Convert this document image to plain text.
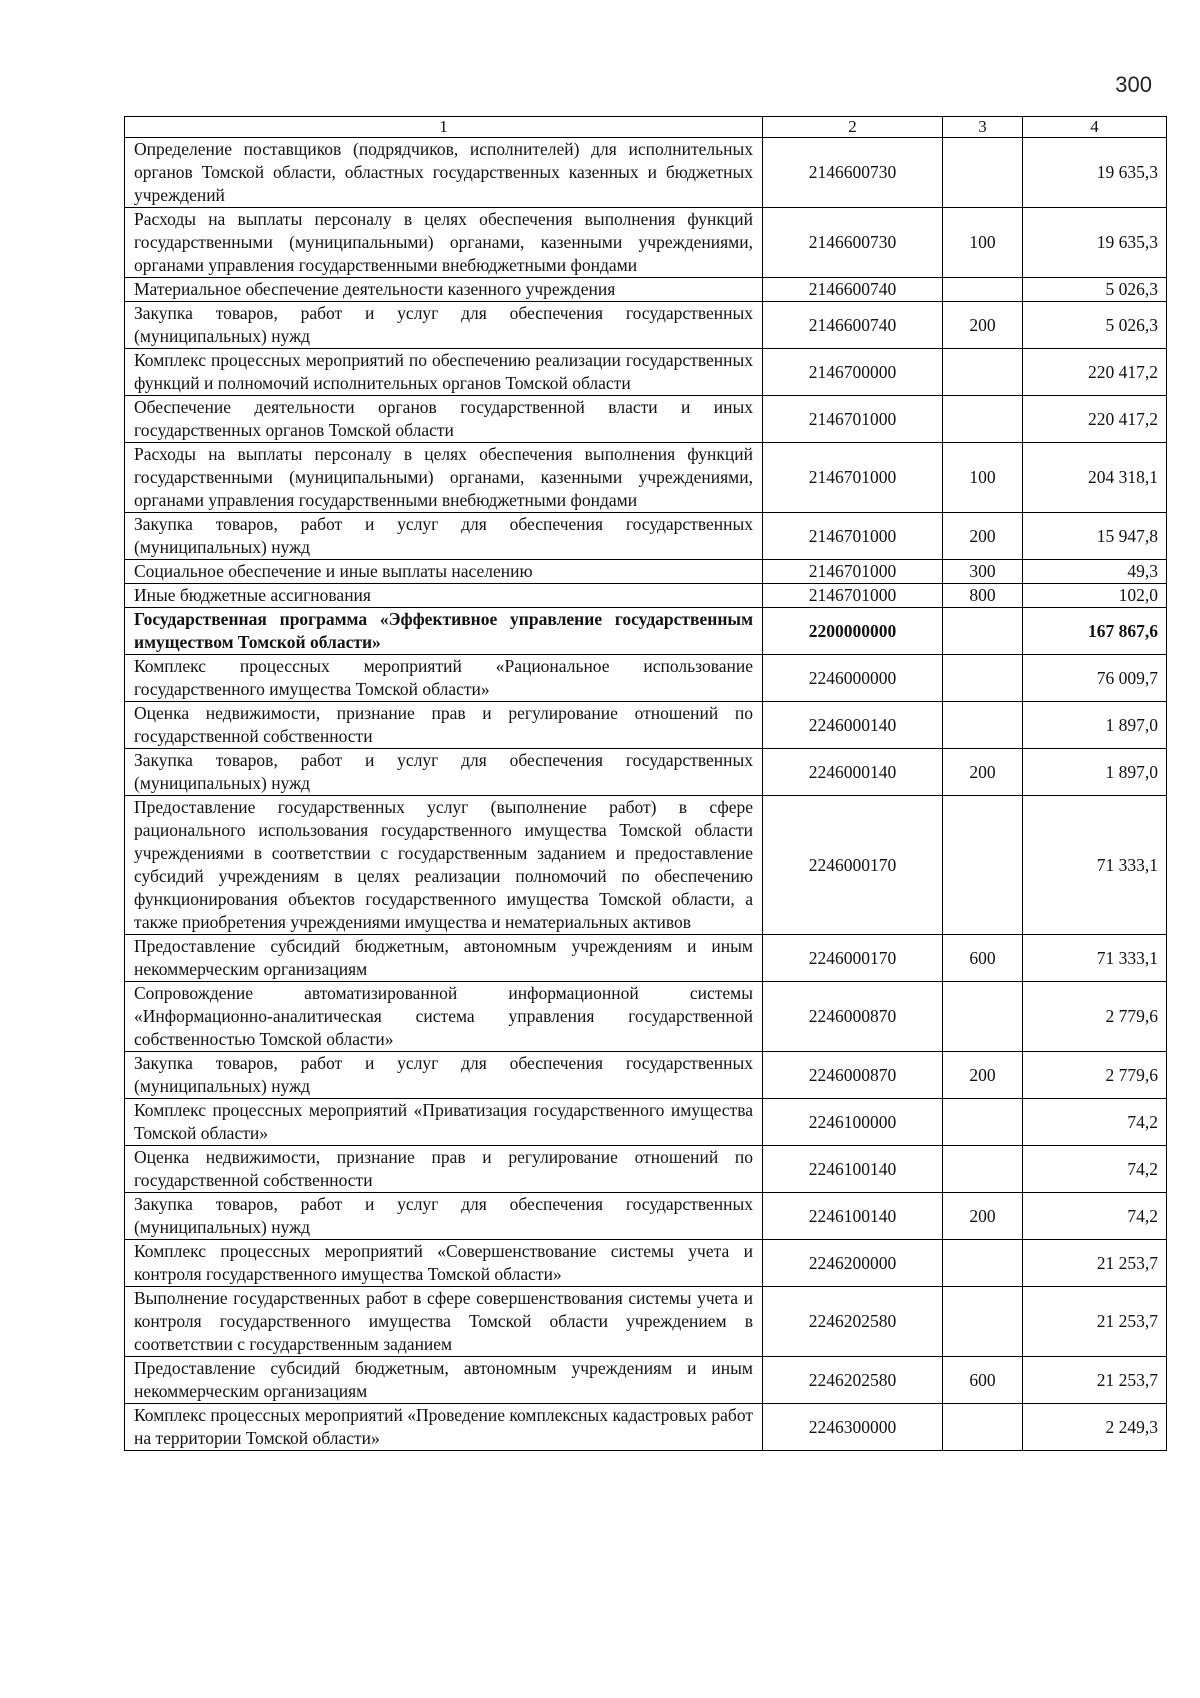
300
1	2	3	4
Определение поставщиков (подрядчиков, исполнителей) для исполнительных органов Томской области, областных государственных казенных и бюджетных учреждений	2146600730		19 635,3
Расходы на выплаты персоналу в целях обеспечения выполнения функций государственными (муниципальными) органами, казенными учреждениями, органами управления государственными внебюджетными фондами	2146600730	100	19 635,3
Материальное обеспечение деятельности казенного учреждения	2146600740		5 026,3
Закупка товаров, работ и услуг для обеспечения государственных (муниципальных) нужд	2146600740	200	5 026,3
Комплекс процессных мероприятий по обеспечению реализации государственных функций и полномочий исполнительных органов Томской области	2146700000		220 417,2
Обеспечение деятельности органов государственной власти и иных государственных органов Томской области	2146701000		220 417,2
Расходы на выплаты персоналу в целях обеспечения выполнения функций государственными (муниципальными) органами, казенными учреждениями, органами управления государственными внебюджетными фондами	2146701000	100	204 318,1
Закупка товаров, работ и услуг для обеспечения государственных (муниципальных) нужд	2146701000	200	15 947,8
Социальное обеспечение и иные выплаты населению	2146701000	300	49,3
Иные бюджетные ассигнования	2146701000	800	102,0
Государственная программа «Эффективное управление государственным имуществом Томской области»	2200000000		167 867,6
Комплекс процессных мероприятий «Рациональное использование государственного имущества Томской области»	2246000000		76 009,7
Оценка недвижимости, признание прав и регулирование отношений по государственной собственности	2246000140		1 897,0
Закупка товаров, работ и услуг для обеспечения государственных (муниципальных) нужд	2246000140	200	1 897,0
Предоставление государственных услуг (выполнение работ) в сфере рационального использования государственного имущества Томской области учреждениями в соответствии с государственным заданием и предоставление субсидий учреждениям в целях реализации полномочий по обеспечению функционирования объектов государственного имущества Томской области, а также приобретения учреждениями имущества и нематериальных активов	2246000170		71 333,1
Предоставление субсидий бюджетным, автономным учреждениям и иным некоммерческим организациям	2246000170	600	71 333,1
Сопровождение автоматизированной информационной системы «Информационно-аналитическая система управления государственной собственностью Томской области»	2246000870		2 779,6
Закупка товаров, работ и услуг для обеспечения государственных (муниципальных) нужд	2246000870	200	2 779,6
Комплекс процессных мероприятий «Приватизация государственного имущества Томской области»	2246100000		74,2
Оценка недвижимости, признание прав и регулирование отношений по государственной собственности	2246100140		74,2
Закупка товаров, работ и услуг для обеспечения государственных (муниципальных) нужд	2246100140	200	74,2
Комплекс процессных мероприятий «Совершенствование системы учета и контроля государственного имущества Томской области»	2246200000		21 253,7
Выполнение государственных работ в сфере совершенствования системы учета и контроля государственного имущества Томской области учреждением в соответствии с государственным заданием	2246202580		21 253,7
Предоставление субсидий бюджетным, автономным учреждениям и иным некоммерческим организациям	2246202580	600	21 253,7
Комплекс процессных мероприятий «Проведение комплексных кадастровых работ на территории Томской области»	2246300000		2 249,3
